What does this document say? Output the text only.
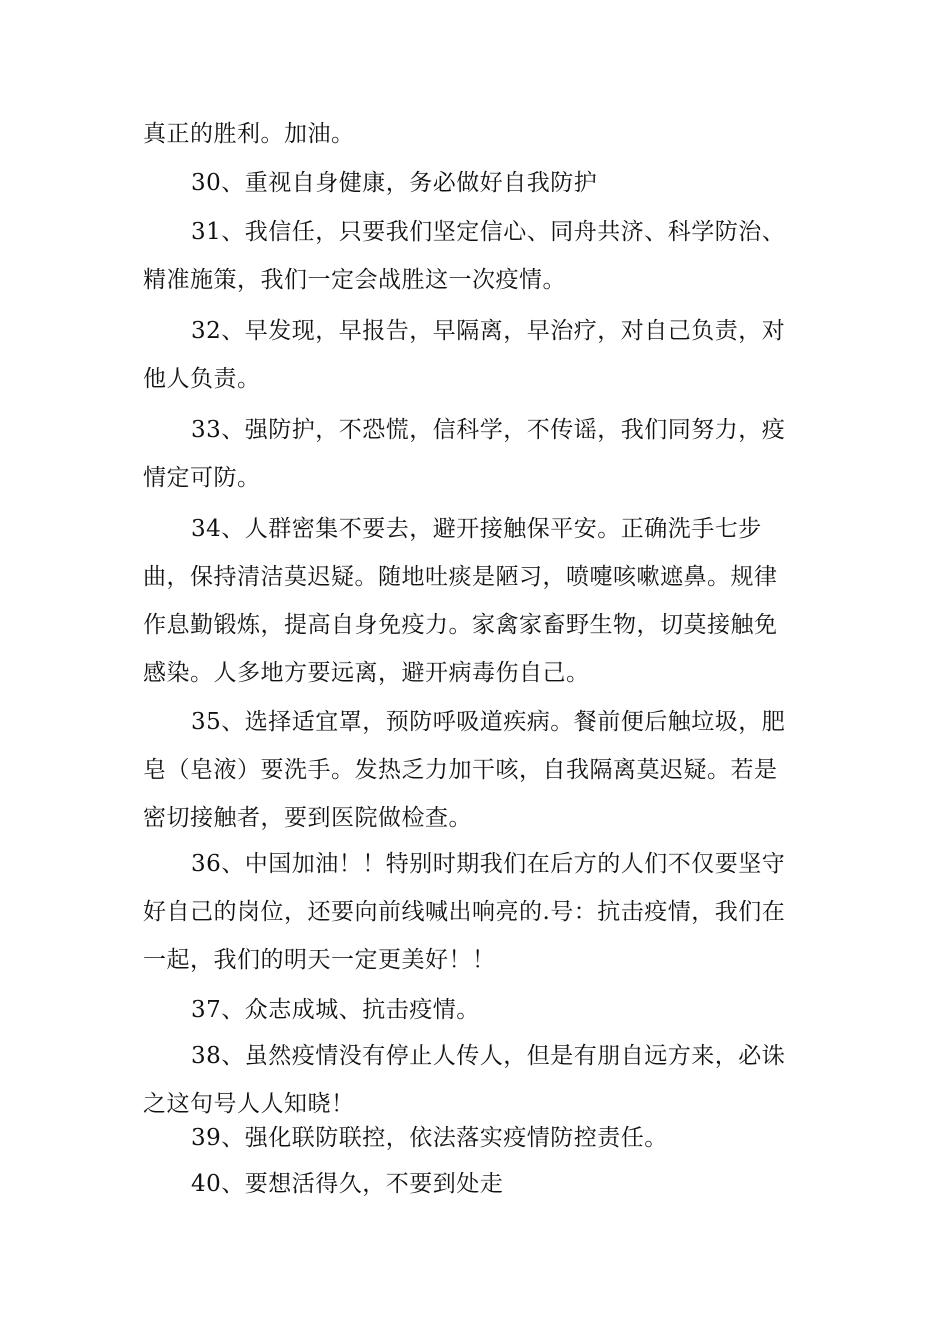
真正的胜利。加油。
30、重视自身健康，务必做好自我防护
31、我信任，只要我们坚定信心、同舟共济、科学防治、
精准施策，我们一定会战胜这一次疫情。
32、早发现，早报告，早隔离，早治疗，对自己负责，对
他人负责。
33、强防护，不恐慌，信科学，不传谣，我们同努力，疫
情定可防。
34、人群密集不要去，避开接触保平安。正确洗手七步
曲，保持清洁莫迟疑。随地吐痰是陋习，喷嚏咳嗽遮鼻。规律
作息勤锻炼，提高自身免疫力。家禽家畜野生物，切莫接触免
感染。人多地方要远离，避开病毒伤自己。
35、选择适宜罩，预防呼吸道疾病。餐前便后触垃圾，肥
皂（皂液）要洗手。发热乏力加干咳，自我隔离莫迟疑。若是
密切接触者，要到医院做检查。
36、中国加油！！特别时期我们在后方的人们不仅要坚守
好自己的岗位，还要向前线喊出响亮的.号：抗击疫情，我们在
一起，我们的明天一定更美好！！
37、众志成城、抗击疫情。
38、虽然疫情没有停止人传人，但是有朋自远方来，必诛
之这句号人人知晓！
39、强化联防联控，依法落实疫情防控责任。
40、要想活得久，不要到处走
